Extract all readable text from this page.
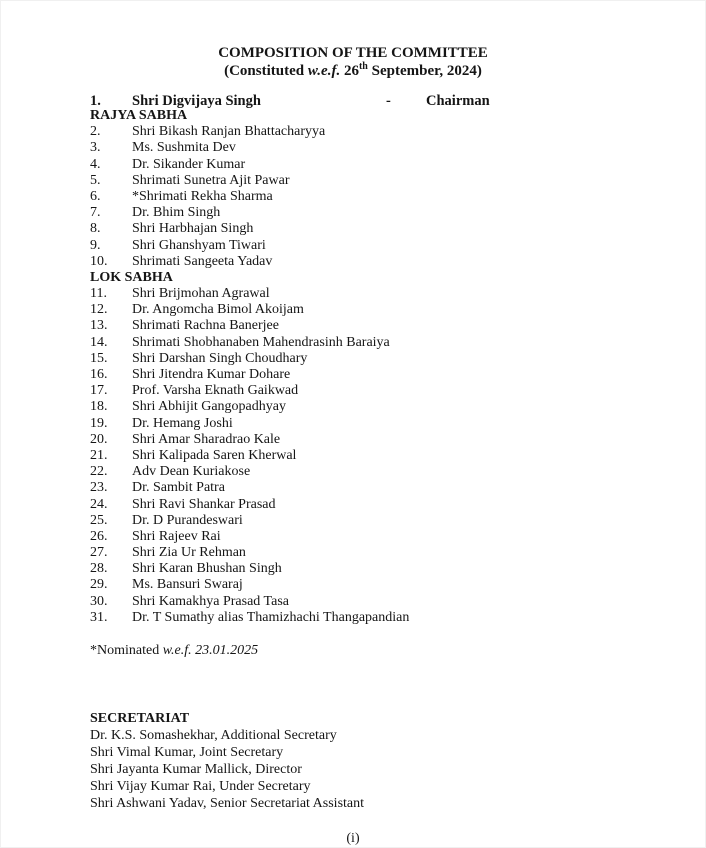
COMPOSITION OF THE COMMITTEE
(Constituted w.e.f. 26th September, 2024)
1. Shri Digvijaya Singh	- Chairman
RAJYA SABHA
2. Shri Bikash Ranjan Bhattacharyya
3. Ms. Sushmita Dev
4. Dr. Sikander Kumar
5. Shrimati Sunetra Ajit Pawar
6. *Shrimati Rekha Sharma
7. Dr. Bhim Singh
8. Shri Harbhajan Singh
9. Shri Ghanshyam Tiwari
10. Shrimati Sangeeta Yadav
LOK SABHA
11. Shri Brijmohan Agrawal
12. Dr. Angomcha Bimol Akoijam
13. Shrimati Rachna Banerjee
14. Shrimati Shobhanaben Mahendrasinh Baraiya
15. Shri Darshan Singh Choudhary
16. Shri Jitendra Kumar Dohare
17. Prof. Varsha Eknath Gaikwad
18. Shri Abhijit Gangopadhyay
19. Dr. Hemang Joshi
20. Shri Amar Sharadrao Kale
21. Shri Kalipada Saren Kherwal
22. Adv Dean Kuriakose
23. Dr. Sambit Patra
24. Shri Ravi Shankar Prasad
25. Dr. D Purandeswari
26. Shri Rajeev Rai
27. Shri Zia Ur Rehman
28. Shri Karan Bhushan Singh
29. Ms. Bansuri Swaraj
30. Shri Kamakhya Prasad Tasa
31. Dr. T Sumathy alias Thamizhachi Thangapandian
*Nominated w.e.f. 23.01.2025
SECRETARIAT
Dr. K.S. Somashekhar, Additional Secretary
Shri Vimal Kumar, Joint Secretary
Shri Jayanta Kumar Mallick, Director
Shri Vijay Kumar Rai, Under Secretary
Shri Ashwani Yadav, Senior Secretariat Assistant
(i)
